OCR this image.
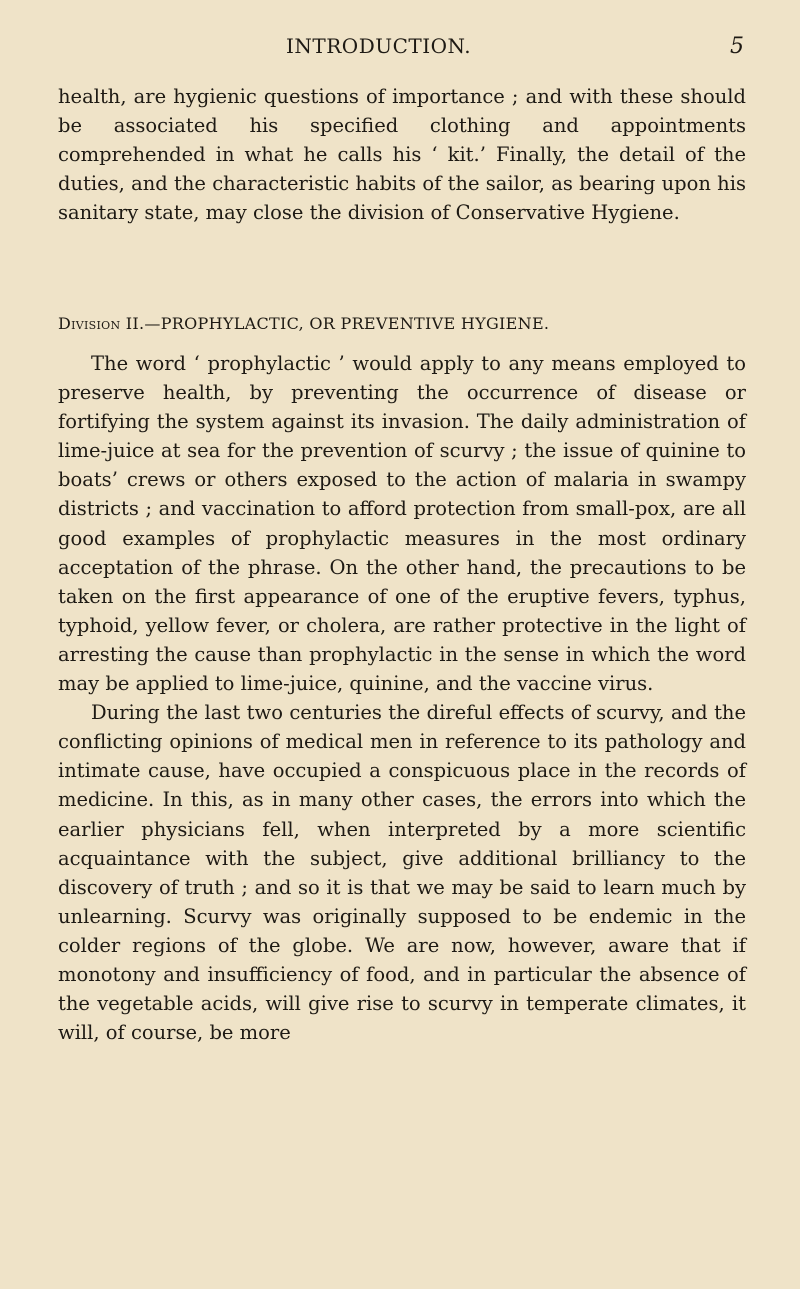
INTRODUCTION.	5

health, are hygienic questions of importance ; and with these should be associated his specified clothing and appointments comprehended in what he calls his ‘ kit.’ Finally, the detail of the duties, and the characteristic habits of the sailor, as bearing upon his sanitary state, may close the division of Conservative Hygiene.

Division II.—PROPHYLACTIC, OR PREVENTIVE HYGIENE.

The word ‘ prophylactic ’ would apply to any means employed to preserve health, by preventing the occurrence of disease or fortifying the system against its invasion. The daily administration of lime-juice at sea for the prevention of scurvy ; the issue of quinine to boats’ crews or others exposed to the action of malaria in swampy districts ; and vaccination to afford protection from small-pox, are all good examples of prophylactic measures in the most ordinary acceptation of the phrase. On the other hand, the precautions to be taken on the first appearance of one of the eruptive fevers, typhus, typhoid, yellow fever, or cholera, are rather protective in the light of arresting the cause than prophylactic in the sense in which the word may be applied to lime-juice, quinine, and the vaccine virus.

During the last two centuries the direful effects of scurvy, and the conflicting opinions of medical men in reference to its pathology and intimate cause, have occupied a conspicuous place in the records of medicine. In this, as in many other cases, the errors into which the earlier physicians fell, when interpreted by a more scientific acquaintance with the subject, give additional brilliancy to the discovery of truth ; and so it is that we may be said to learn much by unlearning. Scurvy was originally supposed to be endemic in the colder regions of the globe. We are now, however, aware that if monotony and insufficiency of food, and in particular the absence of the vegetable acids, will give rise to scurvy in temperate climates, it will, of course, be more
